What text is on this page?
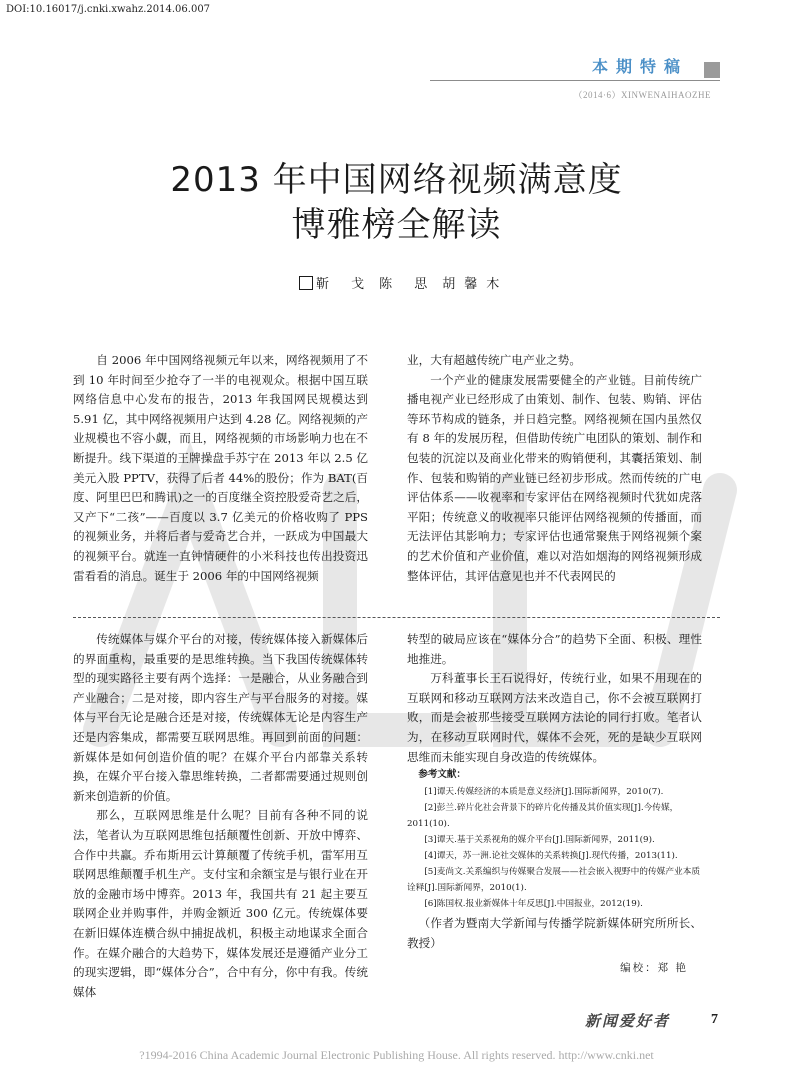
DOI:10.16017/j.cnki.xwahz.2014.06.007
本期特稿
（2014·6）XINWENAIHAOZHE
2013 年中国网络视频满意度
博雅榜全解读
靳 戈 陈 思 胡馨木

自 2006 年中国网络视频元年以来，网络视频用了不到 10 年时间至少抢夺了一半的电视观众。根据中国互联网络信息中心发布的报告，2013 年我国网民规模达到 5.91 亿，其中网络视频用户达到 4.28 亿。网络视频的产业规模也不容小觑，而且，网络视频的市场影响力也在不断提升。线下渠道的王牌操盘手苏宁在 2013 年以 2.5 亿美元入股 PPTV，获得了后者 44%的股份；作为 BAT(百度、阿里巴巴和腾讯)之一的百度继全资控股爱奇艺之后，又产下“二孩”——百度以 3.7 亿美元的价格收购了 PPS 的视频业务，并将后者与爱奇艺合并，一跃成为中国最大的视频平台。就连一直钟情硬件的小米科技也传出投资迅雷看看的消息。诞生于 2006 年的中国网络视频

业，大有超越传统广电产业之势。

一个产业的健康发展需要健全的产业链。目前传统广播电视产业已经形成了由策划、制作、包装、购销、评估等环节构成的链条，并日趋完整。网络视频在国内虽然仅有 8 年的发展历程，但借助传统广电团队的策划、制作和包装的沉淀以及商业化带来的购销便利，其囊括策划、制作、包装和购销的产业链已经初步形成。然而传统的广电评估体系——收视率和专家评估在网络视频时代犹如虎落平阳；传统意义的收视率只能评估网络视频的传播面，而无法评估其影响力；专家评估也通常聚焦于网络视频个案的艺术价值和产业价值，难以对浩如烟海的网络视频形成整体评估，其评估意见也并不代表网民的

传统媒体与媒介平台的对接，传统媒体接入新媒体后的界面重构，最重要的是思维转换。当下我国传统媒体转型的现实路径主要有两个选择：一是融合，从业务融合到产业融合；二是对接，即内容生产与平台服务的对接。媒体与平台无论是融合还是对接，传统媒体无论是内容生产还是内容集成，都需要互联网思维。再回到前面的问题：新媒体是如何创造价值的呢？在媒介平台内部靠关系转换，在媒介平台接入靠思维转换，二者都需要通过规则创新来创造新的价值。

那么，互联网思维是什么呢？目前有各种不同的说法，笔者认为互联网思维包括颠覆性创新、开放中博弈、合作中共赢。乔布斯用云计算颠覆了传统手机，雷军用互联网思维颠覆手机生产。支付宝和余额宝是与银行业在开放的金融市场中博弈。2013 年，我国共有 21 起主要互联网企业并购事件，并购金额近 300 亿元。传统媒体要在新旧媒体连横合纵中捕捉战机，积极主动地谋求全面合作。在媒介融合的大趋势下，媒体发展还是遵循产业分工的现实逻辑，即“媒体分合”，合中有分，你中有我。传统媒体

转型的破局应该在“媒体分合”的趋势下全面、积极、理性地推进。

万科董事长王石说得好，传统行业，如果不用现在的互联网和移动互联网方法来改造自己，你不会被互联网打败，而是会被那些接受互联网方法论的同行打败。笔者认为，在移动互联网时代，媒体不会死，死的是缺少互联网思维而未能实现自身改造的传统媒体。

参考文献：

[1]谭天.传媒经济的本质是意义经济[J].国际新闻界，2010(7).

[2]彭兰.碎片化社会背景下的碎片化传播及其价值实现[J].今传媒，2011(10).

[3]谭天.基于关系视角的媒介平台[J].国际新闻界，2011(9).

[4]谭天，苏一洲.论社交媒体的关系转换[J].现代传播，2013(11).

[5]麦尚文.关系编织与传媒聚合发展——社会嵌入视野中的传媒产业本质诠释[J].国际新闻界，2010(1).

[6]陈国权.报业新媒体十年反思[J].中国报业，2012(19).

（作者为暨南大学新闻与传播学院新媒体研究所所长、教授）

编校：郑 艳
新闻爱好者	7
?1994-2016 China Academic Journal Electronic Publishing House. All rights reserved. http://www.cnki.net
